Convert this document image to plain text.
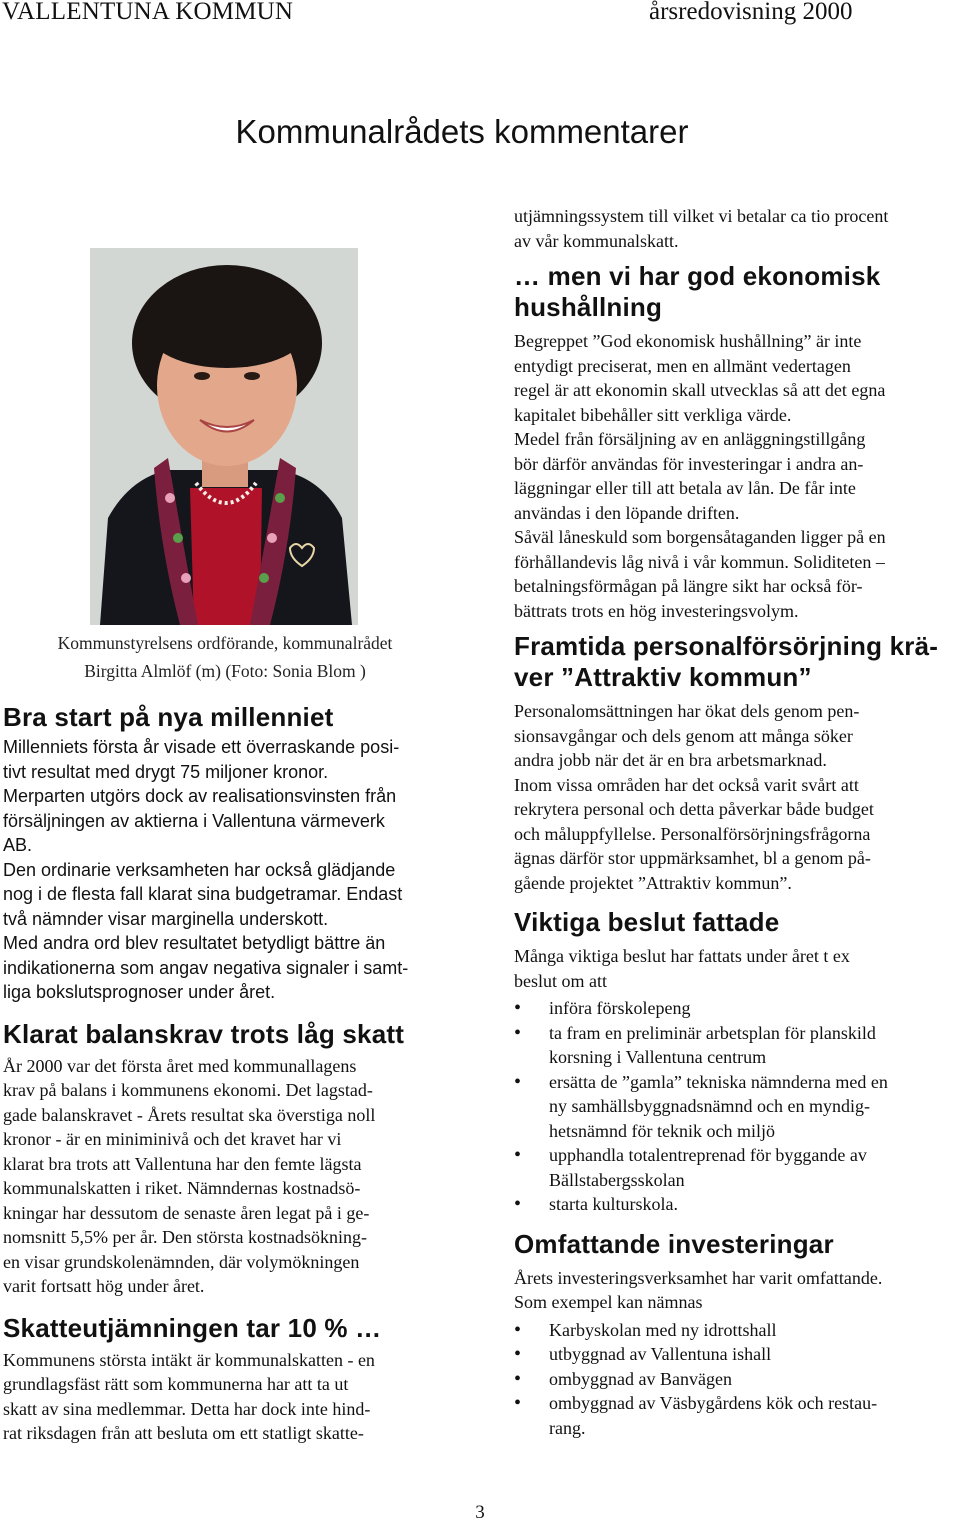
VALLENTUNA KOMMUN	årsredovisning 2000
Kommunalrådets kommentarer
Kommunstyrelsens ordförande, kommunalrådet
Birgitta Almlöf (m) (Foto: Sonia Blom )
Bra start på nya millenniet

Millenniets första år visade ett överraskande posi-
tivt resultat med drygt 75 miljoner kronor.

Merparten utgörs dock av realisationsvinsten från
försäljningen av aktierna i Vallentuna värmeverk
AB.

Den ordinarie verksamheten har också glädjande
nog i de flesta fall klarat sina budgetramar. Endast
två nämnder visar marginella underskott.

Med andra ord blev resultatet betydligt bättre än
indikationerna som angav negativa signaler i samt-
liga bokslutsprognoser under året.

Klarat balanskrav trots låg skatt

År 2000 var det första året med kommunallagens
krav på balans i kommunens ekonomi. Det lagstad-
gade balanskravet - Årets resultat ska överstiga noll
kronor - är en miniminivå och det kravet har vi
klarat bra trots att Vallentuna har den femte lägsta
kommunalskatten i riket. Nämndernas kostnadsö-
kningar har dessutom de senaste åren legat på i ge-
nomsnitt 5,5% per år. Den största kostnadsökning-
en visar grundskolenämnden, där volymökningen
varit fortsatt hög under året.

Skatteutjämningen tar 10 % …

Kommunens största intäkt är kommunalskatten - en
grundlagsfäst rätt som kommunerna har att ta ut
skatt av sina medlemmar. Detta har dock inte hind-
rat riksdagen från att besluta om ett statligt skatte-

utjämningssystem till vilket vi betalar ca tio procent
av vår kommunalskatt.

… men vi har god ekonomisk
hushållning

Begreppet ”God ekonomisk hushållning” är inte
entydigt preciserat, men en allmänt vedertagen
regel är att ekonomin skall utvecklas så att det egna
kapitalet bibehåller sitt verkliga värde.

Medel från försäljning av en anläggningstillgång
bör därför användas för investeringar i andra an-
läggningar eller till att betala av lån. De får inte
användas i den löpande driften.

Såväl låneskuld som borgensåtaganden ligger på en
förhållandevis låg nivå i vår kommun. Soliditeten –
betalningsförmågan på längre sikt har också för-
bättrats trots en hög investeringsvolym.

Framtida personalförsörjning krä-
ver ”Attraktiv kommun”

Personalomsättningen har ökat dels genom pen-
sionsavgångar och dels genom att många söker
andra jobb när det är en bra arbetsmarknad.

Inom vissa områden har det också varit svårt att
rekrytera personal och detta påverkar både budget
och måluppfyllelse. Personalförsörjningsfrågorna
ägnas därför stor uppmärksamhet, bl a genom på-
gående projektet ”Attraktiv kommun”.

Viktiga beslut fattade

Många viktiga beslut har fattats under året t ex
beslut om att

• införa förskolepeng
• ta fram en preliminär arbetsplan för planskild
korsning i Vallentuna centrum
• ersätta de ”gamla” tekniska nämnderna med en
ny samhällsbyggnadsnämnd och en myndig-
hetsnämnd för teknik och miljö
• upphandla totalentreprenad för byggande av
Bällstabergsskolan
• starta kulturskola.
Omfattande investeringar

Årets investeringsverksamhet har varit omfattande.
Som exempel kan nämnas

• Karbyskolan med ny idrottshall
• utbyggnad av Vallentuna ishall
• ombyggnad av Banvägen
• ombyggnad av Väsbygårdens kök och restau-
rang.
3
